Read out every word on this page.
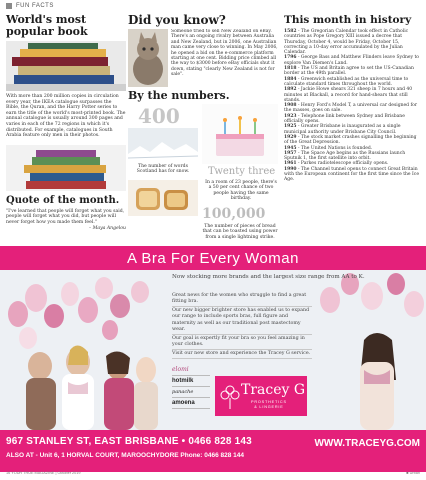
FUN FACTS
World's most popular book

With more than 200 million copies in circulation every year, the IKEA catalogue surpasses the Bible, the Quran, and the Harry Potter series to earn the title of the world's most-printed book. The annual catalogue is usually around 300 pages and varies in each of the 72 regions in which it's distributed. For example, catalogues in South Arabia feature only men in their photos.

Quote of the month.

"I've learned that people will forget what you said, people will forget what you did, but people will never forget how you made them feel."

– Maya Angelou

Did you know?

Someone tried to sell New Zealand on eBay. There's an ongoing rivalry between Australia and New Zealand, but in 2006, one Australian man came very close to winning. In May 2006, he opened a bid on the e-commerce platform starting at one cent. Bidding price climbed all the way to $3000 before eBay officials shut it down, stating "clearly New Zealand is not for sale".

By the numbers.
400

The number of words Scotland has for snow.	Twenty three

In a room of 23 people, there's a 50 per cent chance of two people having the same birthday.

100,000

The number of pieces of bread that can be toasted using power from a single lightning strike.

This month in history

1582 - The Gregorian Calendar took effect in Catholic countries as Pope Gregory XIII issued a decree that Thursday, October 4, would be Friday, October 15, correcting a 10-day error accumulated by the Julian Calendar.

1796 - George Bass and Matthew Flinders leave Sydney to explore Van Diemen's Land.

1818 - The US and Britain agree to set the US-Canadian border at the 49th parallel.

1884 - Greenwich established as the universal time to calculate standard times throughout the world.

1892 - Jackie Howe shears 321 sheep in 7 hours and 40 minutes at Blackall, a record for hand-shears that still stands.

1908 - Henry Ford's Model T, a universal car designed for the masses, goes on sale.

1923 - Telephone link between Sydney and Brisbane officially opens.

1925 - Greater Brisbane is inaugurated as a single municipal authority under Brisbane City Council.

1929 - The stock market crashes signalling the beginning of the Great Depression.

1945 - The United Nations is founded.

1957 - The Space Age begins as the Russians launch Sputnik 1, the first satellite into orbit.

1961 - Parkes radiotelescope officially opens.

1990 - The Channel tunnel opens to connect Great Britain with the European continent for the first time since the Ice Age.

A Bra For Every Woman
Now stocking more brands and the largest size range from AA to K.

Great news for the women who struggle to find a great fitting bra.

Our new bigger brighter store has enabled us to expand our range to include sports bras, full figure and maternity as well as our traditional post mastectomy wear.

Our goal is expertly fit your bra so you feel amazing in your clothes.

Visit our new store and experience the Tracey G service.

elomi
hotmilk
panache
amoena
Tracey G
PROSTHETICS
& LINGERIE
967 STANLEY ST, EAST BRISBANE • 0466 828 143
ALSO AT - Unit 6, 1 HORVAL COURT, MAROOCHYDORE Phone: 0466 828 144
WWW.TRACEYG.COM
16 YOUR TRUE MAGAZINE | October 2019	■ Urban
